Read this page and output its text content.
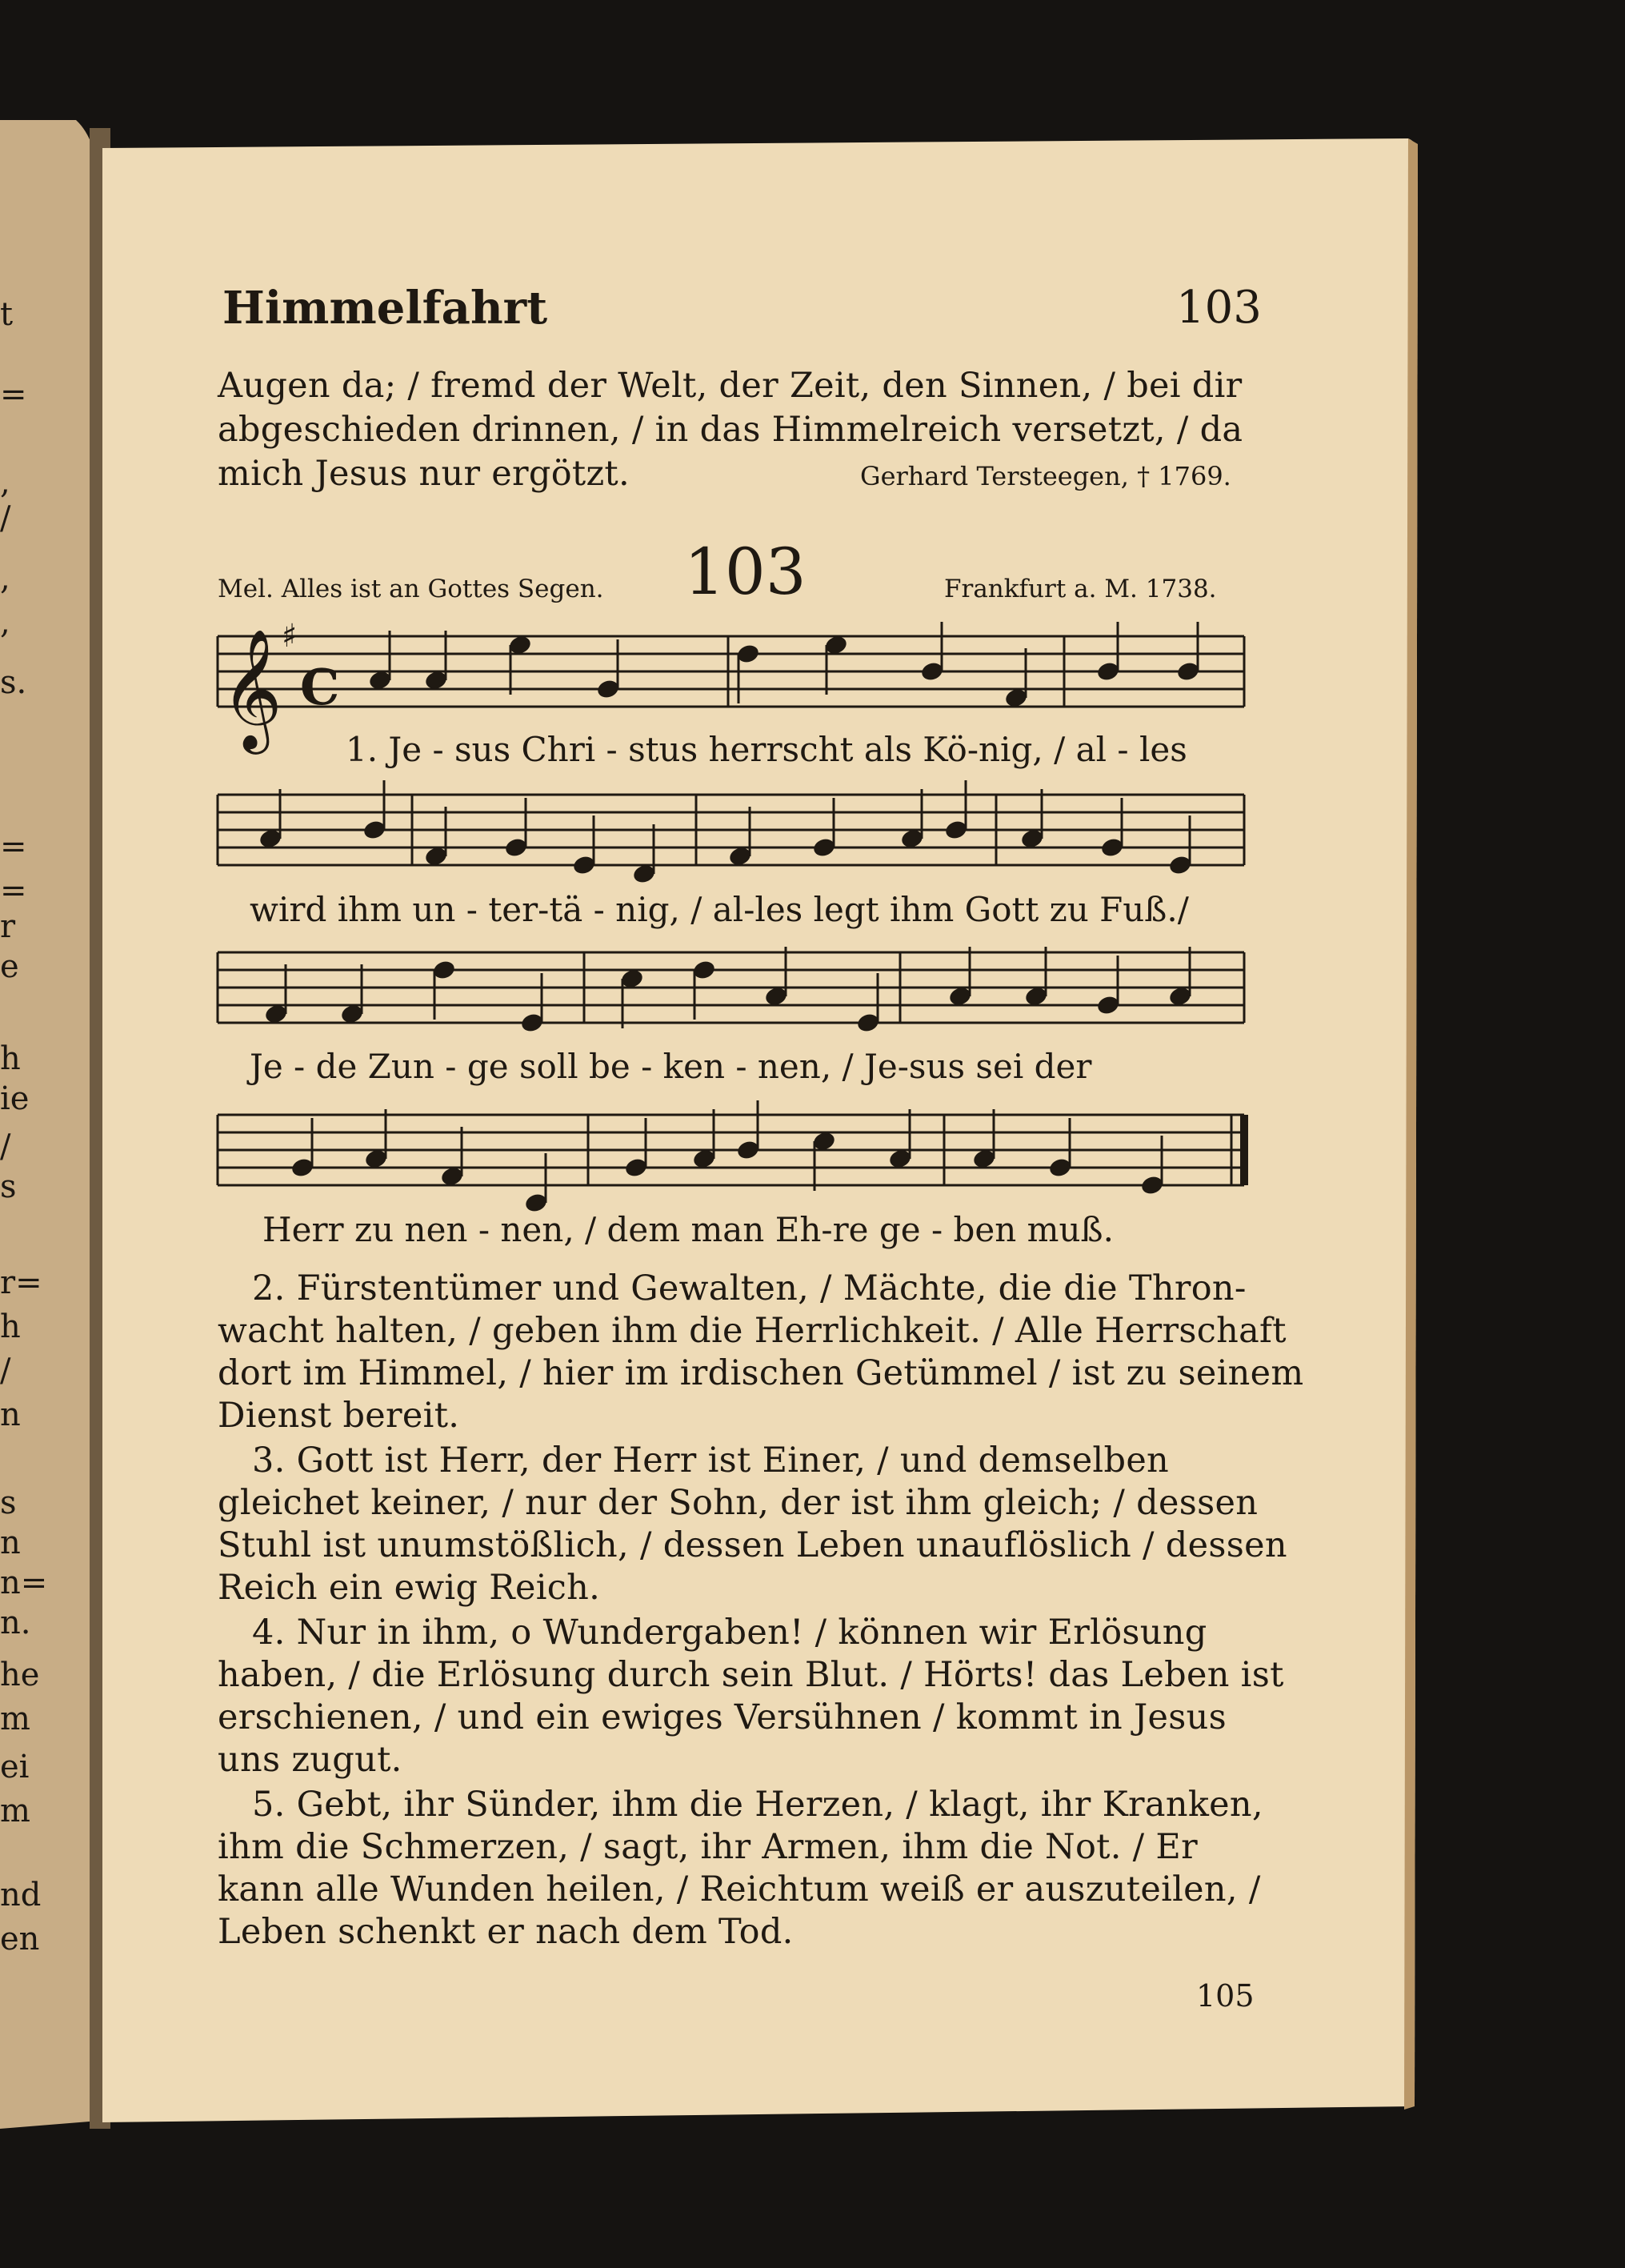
𝄞 ♯
C
Himmelfahrt	103
Augen da; / fremd der Welt, der Zeit, den Sinnen, / bei dir
abgeschieden drinnen, / in das Himmelreich versetzt, / da
mich Jesus nur ergötzt.	Gerhard Tersteegen, † 1769.
Mel. Alles ist an Gottes Segen. 103	Frankfurt a. M. 1738.
1. Je - sus Chri - stus herrscht als Kö-nig, / al - les
wird ihm un - ter-tä - nig, / al-les legt ihm Gott zu Fuß./
Je - de Zun - ge soll be - ken - nen, / Je-sus sei der
Herr zu nen - nen, / dem man Eh-re ge - ben muß.
2. Fürstentümer und Gewalten, / Mächte, die die Thron-
wacht halten, / geben ihm die Herrlichkeit. / Alle Herrschaft
dort im Himmel, / hier im irdischen Getümmel / ist zu seinem
Dienst bereit.
3. Gott ist Herr, der Herr ist Einer, / und demselben
gleichet keiner, / nur der Sohn, der ist ihm gleich; / dessen
Stuhl ist unumstößlich, / dessen Leben unauflöslich / dessen
Reich ein ewig Reich.
4. Nur in ihm, o Wundergaben! / können wir Erlösung
haben, / die Erlösung durch sein Blut. / Hörts! das Leben ist
erschienen, / und ein ewiges Versühnen / kommt in Jesus
uns zugut.
5. Gebt, ihr Sünder, ihm die Herzen, / klagt, ihr Kranken,
ihm die Schmerzen, / sagt, ihr Armen, ihm die Not. / Er
kann alle Wunden heilen, / Reichtum weiß er auszuteilen, /
Leben schenkt er nach dem Tod.
105
t
=
,
/
,
,
s.
=
=
r
e
h
ie
/
s
r=
h
/
n
s
n
n=
n.
he
m
ei
m
nd
en
